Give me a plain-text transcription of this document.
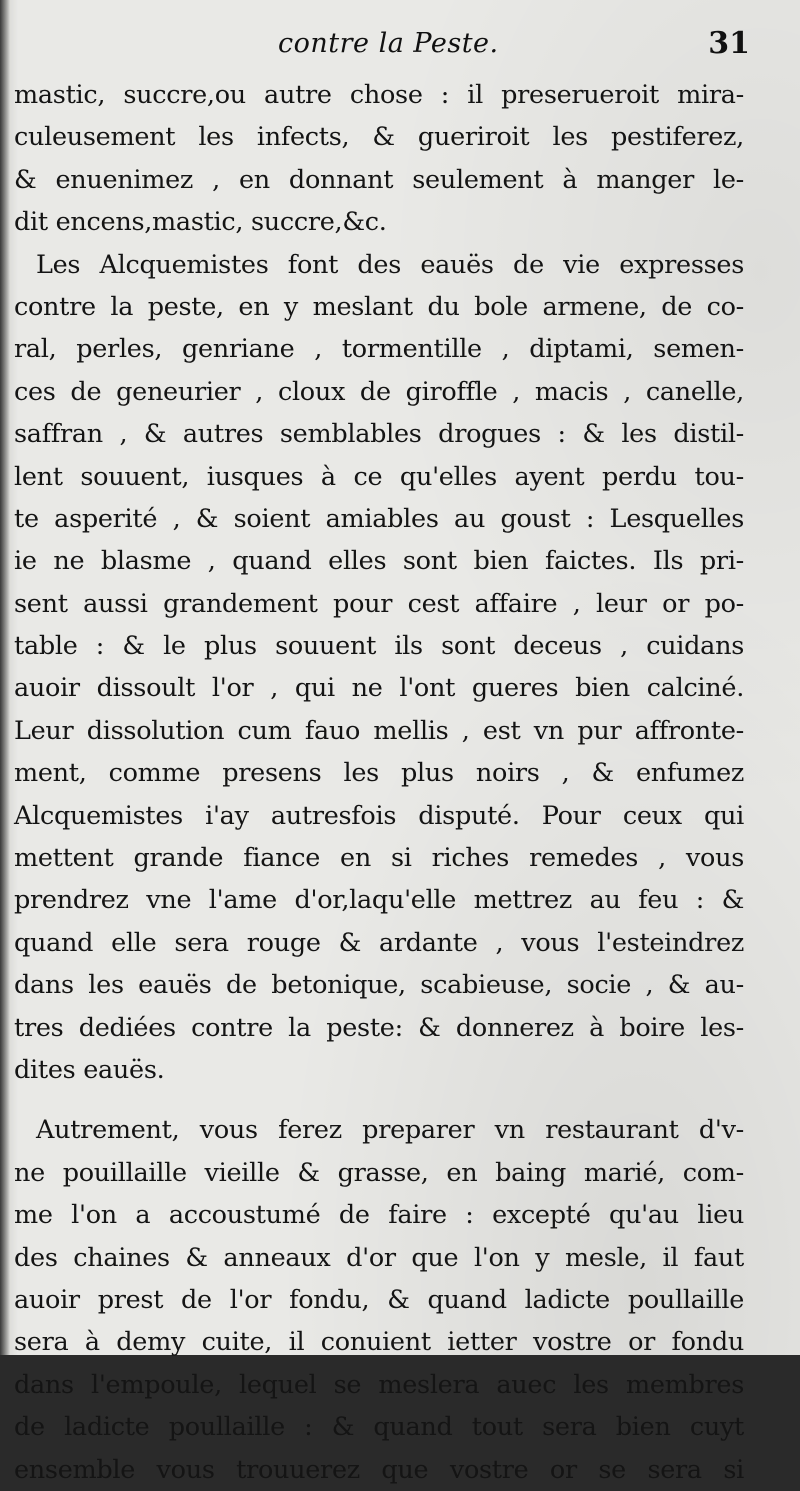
contre la Peste.	31
mastic, succre,ou autre chose : il preserueroit mira-
culeusement les infects, & gueriroit les pestiferez,
& enuenimez , en donnant seulement à manger le-
dit encens,mastic, succre,&c.
Les Alcquemistes font des eauës de vie expresses
contre la peste, en y meslant du bole armene, de co-
ral, perles, genriane , tormentille , diptami, semen-
ces de geneurier , cloux de giroffle , macis , canelle,
saffran , & autres semblables drogues : & les distil-
lent souuent, iusques à ce qu'elles ayent perdu tou-
te asperité , & soient amiables au goust : Lesquelles
ie ne blasme , quand elles sont bien faictes. Ils pri-
sent aussi grandement pour cest affaire , leur or po-
table : & le plus souuent ils sont deceus , cuidans
auoir dissoult l'or , qui ne l'ont gueres bien calciné.
Leur dissolution cum fauo mellis , est vn pur affronte-
ment, comme presens les plus noirs , & enfumez
Alcquemistes i'ay autresfois disputé. Pour ceux qui
mettent grande fiance en si riches remedes , vous
prendrez vne l'ame d'or,laqu'elle mettrez au feu : &
quand elle sera rouge & ardante , vous l'esteindrez
dans les eauës de betonique, scabieuse, socie , & au-
tres dediées contre la peste: & donnerez à boire les-
dites eauës.
Autrement, vous ferez preparer vn restaurant d'v-
ne pouillaille vieille & grasse, en baing marié, com-
me l'on a accoustumé de faire : excepté qu'au lieu
des chaines & anneaux d'or que l'on y mesle, il faut
auoir prest de l'or fondu, & quand ladicte poullaille
sera à demy cuite, il conuient ietter vostre or fondu
dans l'empoule, lequel se meslera auec les membres
de ladicte poullaille : & quand tout sera bien cuyt
ensemble vous trouuerez que vostre or se sera si
